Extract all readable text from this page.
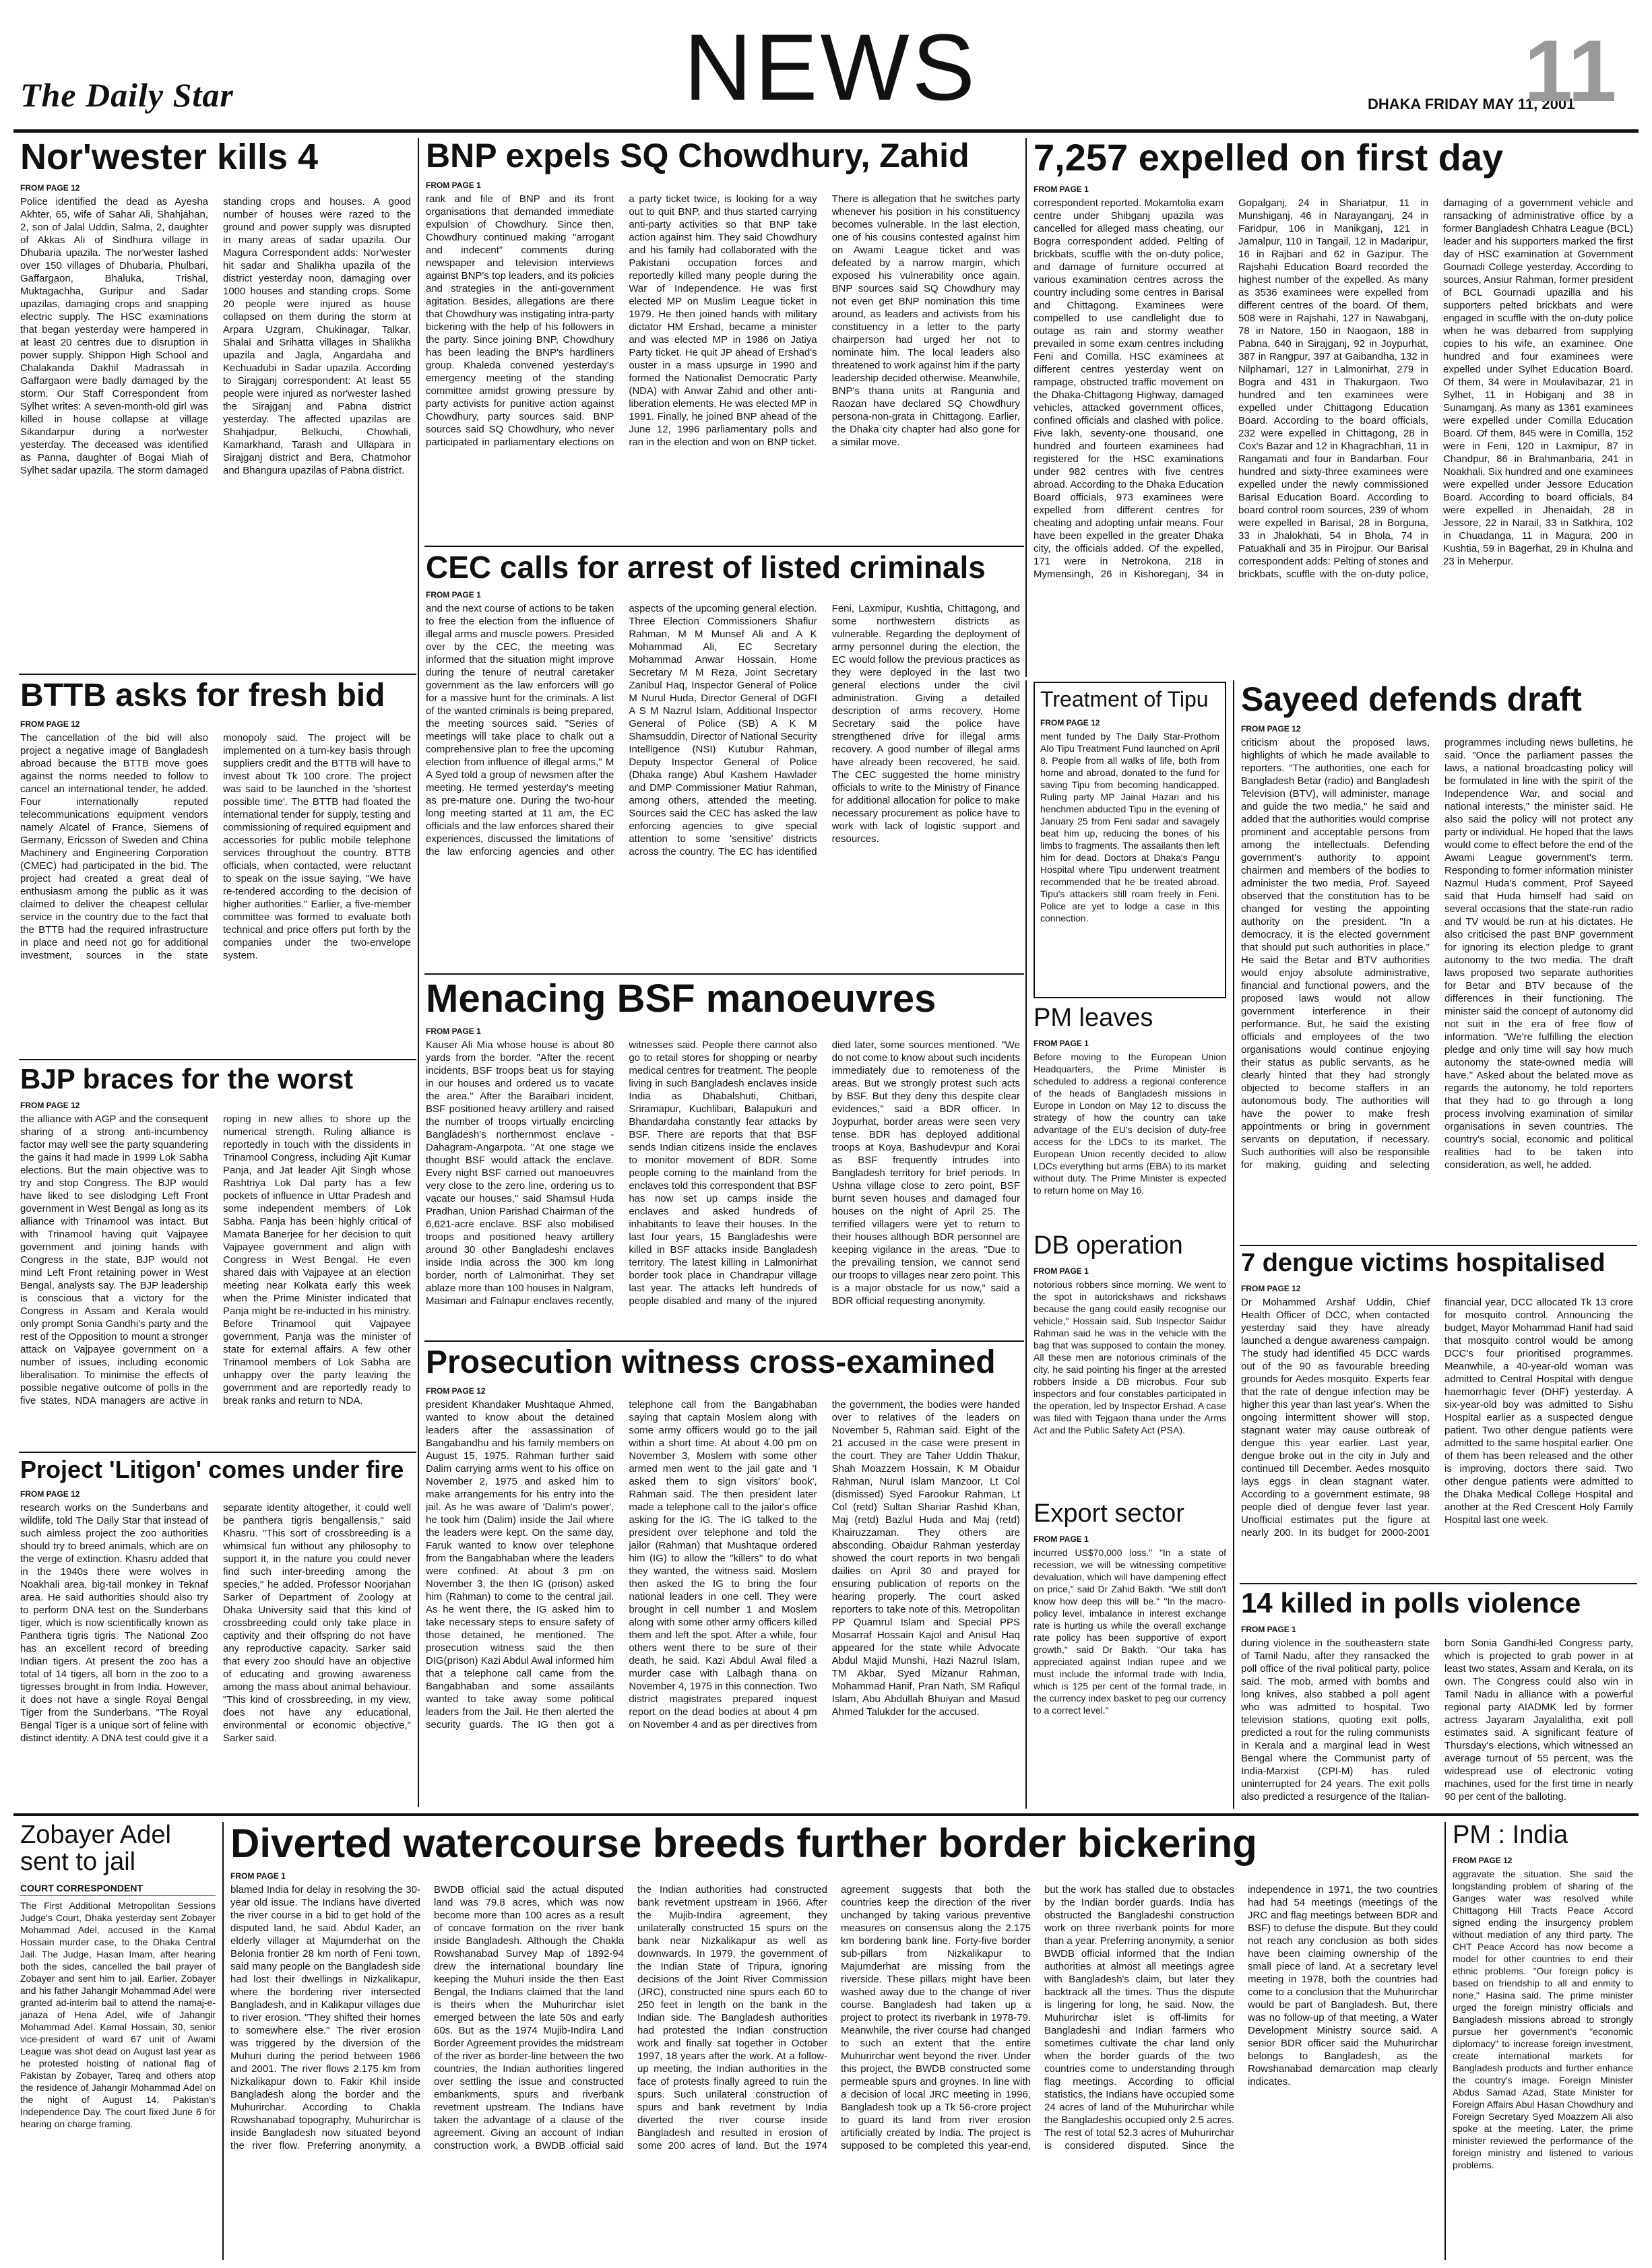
The Daily Star	NEWS	DHAKA FRIDAY MAY 11, 2001
11
Nor'wester kills 4
FROM PAGE 12
Police identified the dead as Ayesha Akhter, 65, wife of Sahar Ali, Shahjahan, 2, son of Jalal Uddin, Salma, 2, daughter of Akkas Ali of Sindhura village in Dhubaria upazila. The nor'wester lashed over 150 villages of Dhubaria, Phulbari, Gaffargaon, Bhaluka, Trishal, Muktagachha, Guripur and Sadar upazilas, damaging crops and snapping electric supply. The HSC examinations that began yesterday were hampered in at least 20 centres due to disruption in power supply. Shippon High School and Chalakanda Dakhil Madrassah in Gaffargaon were badly damaged by the storm. Our Staff Correspondent from Sylhet writes: A seven-month-old girl was killed in house collapse at village Sikandarpur during a nor'wester yesterday. The deceased was identified as Panna, daughter of Bogai Miah of Sylhet sadar upazila. The storm damaged standing crops and houses. A good number of houses were razed to the ground and power supply was disrupted in many areas of sadar upazila. Our Magura Correspondent adds: Nor'wester hit sadar and Shalikha upazila of the district yesterday noon, damaging over 1000 houses and standing crops. Some 20 people were injured as house collapsed on them during the storm at Arpara Uzgram, Chukinagar, Talkar, Shalai and Srihatta villages in Shalikha upazila and Jagla, Angardaha and Kechuadubi in Sadar upazila. According to Sirajganj correspondent: At least 55 people were injured as nor'wester lashed the Sirajganj and Pabna district yesterday. The affected upazilas are Shahjadpur, Belkuchi, Chowhali, Kamarkhand, Tarash and Ullapara in Sirajganj district and Bera, Chatmohor and Bhangura upazilas of Pabna district.
BNP expels SQ Chowdhury, Zahid
FROM PAGE 1
rank and file of BNP and its front organisations that demanded immediate expulsion of Chowdhury. Since then, Chowdhury continued making "arrogant and indecent" comments during newspaper and television interviews against BNP's top leaders, and its policies and strategies in the anti-government agitation. Besides, allegations are there that Chowdhury was instigating intra-party bickering with the help of his followers in the party. Since joining BNP, Chowdhury has been leading the BNP's hardliners group. Khaleda convened yesterday's emergency meeting of the standing committee amidst growing pressure by party activists for punitive action against Chowdhury, party sources said. BNP sources said SQ Chowdhury, who never participated in parliamentary elections on a party ticket twice, is looking for a way out to quit BNP, and thus started carrying anti-party activities so that BNP take action against him. They said Chowdhury and his family had collaborated with the Pakistani occupation forces and reportedly killed many people during the War of Independence. He was first elected MP on Muslim League ticket in 1979. He then joined hands with military dictator HM Ershad, became a minister and was elected MP in 1986 on Jatiya Party ticket. He quit JP ahead of Ershad's ouster in a mass upsurge in 1990 and formed the Nationalist Democratic Party (NDA) with Anwar Zahid and other anti-liberation elements. He was elected MP in 1991. Finally, he joined BNP ahead of the June 12, 1996 parliamentary polls and ran in the election and won on BNP ticket. There is allegation that he switches party whenever his position in his constituency becomes vulnerable. In the last election, one of his cousins contested against him on Awami League ticket and was defeated by a narrow margin, which exposed his vulnerability once again. BNP sources said SQ Chowdhury may not even get BNP nomination this time around, as leaders and activists from his constituency in a letter to the party chairperson had urged her not to nominate him. The local leaders also threatened to work against him if the party leadership decided otherwise. Meanwhile, BNP's thana units at Rangunia and Raozan have declared SQ Chowdhury persona-non-grata in Chittagong. Earlier, the Dhaka city chapter had also gone for a similar move.
7,257 expelled on first day
FROM PAGE 1
correspondent reported. Mokamtolia exam centre under Shibganj upazila was cancelled for alleged mass cheating, our Bogra correspondent added. Pelting of brickbats, scuffle with the on-duty police, and damage of furniture occurred at various examination centres across the country including some centres in Barisal and Chittagong. Examinees were compelled to use candlelight due to outage as rain and stormy weather prevailed in some exam centres including Feni and Comilla. HSC examinees at different centres yesterday went on rampage, obstructed traffic movement on the Dhaka-Chittagong Highway, damaged vehicles, attacked government offices, confined officials and clashed with police. Five lakh, seventy-one thousand, one hundred and fourteen examinees had registered for the HSC examinations under 982 centres with five centres abroad. According to the Dhaka Education Board officials, 973 examinees were expelled from different centres for cheating and adopting unfair means. Four have been expelled in the greater Dhaka city, the officials added. Of the expelled, 171 were in Netrokona, 218 in Mymensingh, 26 in Kishoreganj, 34 in Gopalganj, 24 in Shariatpur, 11 in Munshiganj, 46 in Narayanganj, 24 in Faridpur, 106 in Manikganj, 121 in Jamalpur, 110 in Tangail, 12 in Madaripur, 16 in Rajbari and 62 in Gazipur. The Rajshahi Education Board recorded the highest number of the expelled. As many as 3536 examinees were expelled from different centres of the board. Of them, 508 were in Rajshahi, 127 in Nawabganj, 78 in Natore, 150 in Naogaon, 188 in Pabna, 640 in Sirajganj, 92 in Joypurhat, 387 in Rangpur, 397 at Gaibandha, 132 in Nilphamari, 127 in Lalmonirhat, 279 in Bogra and 431 in Thakurgaon. Two hundred and ten examinees were expelled under Chittagong Education Board. According to the board officials, 232 were expelled in Chittagong, 28 in Cox's Bazar and 12 in Khagrachhari, 11 in Rangamati and four in Bandarban. Four hundred and sixty-three examinees were expelled under the newly commissioned Barisal Education Board. According to board control room sources, 239 of whom were expelled in Barisal, 28 in Borguna, 33 in Jhalokhati, 54 in Bhola, 74 in Patuakhali and 35 in Pirojpur. Our Barisal correspondent adds: Pelting of stones and brickbats, scuffle with the on-duty police, damaging of a government vehicle and ransacking of administrative office by a former Bangladesh Chhatra League (BCL) leader and his supporters marked the first day of HSC examination at Government Gournadi College yesterday. According to sources, Ansiur Rahman, former president of BCL Gournadi upazilla and his supporters pelted brickbats and were engaged in scuffle with the on-duty police when he was debarred from supplying copies to his wife, an examinee. One hundred and four examinees were expelled under Sylhet Education Board. Of them, 34 were in Moulavibazar, 21 in Sylhet, 11 in Hobiganj and 38 in Sunamganj. As many as 1361 examinees were expelled under Comilla Education Board. Of them, 845 were in Comilla, 152 were in Feni, 120 in Laxmipur, 87 in Chandpur, 86 in Brahmanbaria, 241 in Noakhali. Six hundred and one examinees were expelled under Jessore Education Board. According to board officials, 84 were expelled in Jhenaidah, 28 in Jessore, 22 in Narail, 33 in Satkhira, 102 in Chuadanga, 11 in Magura, 200 in Kushtia, 59 in Bagerhat, 29 in Khulna and 23 in Meherpur.
CEC calls for arrest of listed criminals
FROM PAGE 1
and the next course of actions to be taken to free the election from the influence of illegal arms and muscle powers. Presided over by the CEC, the meeting was informed that the situation might improve during the tenure of neutral caretaker government as the law enforcers will go for a massive hunt for the criminals. A list of the wanted criminals is being prepared, the meeting sources said. "Series of meetings will take place to chalk out a comprehensive plan to free the upcoming election from influence of illegal arms," M A Syed told a group of newsmen after the meeting. He termed yesterday's meeting as pre-mature one. During the two-hour long meeting started at 11 am, the EC officials and the law enforces shared their experiences, discussed the limitations of the law enforcing agencies and other aspects of the upcoming general election. Three Election Commissioners Shafiur Rahman, M M Munsef Ali and A K Mohammad Ali, EC Secretary Mohammad Anwar Hossain, Home Secretary M M Reza, Joint Secretary Zanibul Haq, Inspector General of Police M Nurul Huda, Director General of DGFI A S M Nazrul Islam, Additional Inspector General of Police (SB) A K M Shamsuddin, Director of National Security Intelligence (NSI) Kutubur Rahman, Deputy Inspector General of Police (Dhaka range) Abul Kashem Hawlader and DMP Commissioner Matiur Rahman, among others, attended the meeting. Sources said the CEC has asked the law enforcing agencies to give special attention to some 'sensitive' districts across the country. The EC has identified Feni, Laxmipur, Kushtia, Chittagong, and some northwestern districts as vulnerable. Regarding the deployment of army personnel during the election, the EC would follow the previous practices as they were deployed in the last two general elections under the civil administration. Giving a detailed description of arms recovery, Home Secretary said the police have strengthened drive for illegal arms recovery. A good number of illegal arms have already been recovered, he said. The CEC suggested the home ministry officials to write to the Ministry of Finance for additional allocation for police to make necessary procurement as police have to work with lack of logistic support and resources.
BTTB asks for fresh bid
FROM PAGE 12
The cancellation of the bid will also project a negative image of Bangladesh abroad because the BTTB move goes against the norms needed to follow to cancel an international tender, he added. Four internationally reputed telecommunications equipment vendors namely Alcatel of France, Siemens of Germany, Ericsson of Sweden and China Machinery and Engineering Corporation (CMEC) had participated in the bid. The project had created a great deal of enthusiasm among the public as it was claimed to deliver the cheapest cellular service in the country due to the fact that the BTTB had the required infrastructure in place and need not go for additional investment, sources in the state monopoly said. The project will be implemented on a turn-key basis through suppliers credit and the BTTB will have to invest about Tk 100 crore. The project was said to be launched in the 'shortest possible time'. The BTTB had floated the international tender for supply, testing and commissioning of required equipment and accessories for public mobile telephone services throughout the country. BTTB officials, when contacted, were reluctant to speak on the issue saying, "We have re-tendered according to the decision of higher authorities." Earlier, a five-member committee was formed to evaluate both technical and price offers put forth by the companies under the two-envelope system.
BJP braces for the worst
FROM PAGE 12
the alliance with AGP and the consequent sharing of a strong anti-incumbency factor may well see the party squandering the gains it had made in 1999 Lok Sabha elections. But the main objective was to try and stop Congress. The BJP would have liked to see dislodging Left Front government in West Bengal as long as its alliance with Trinamool was intact. But with Trinamool having quit Vajpayee government and joining hands with Congress in the state, BJP would not mind Left Front retaining power in West Bengal, analysts say. The BJP leadership is conscious that a victory for the Congress in Assam and Kerala would only prompt Sonia Gandhi's party and the rest of the Opposition to mount a stronger attack on Vajpayee government on a number of issues, including economic liberalisation. To minimise the effects of possible negative outcome of polls in the five states, NDA managers are active in roping in new allies to shore up the numerical strength. Ruling alliance is reportedly in touch with the dissidents in Trinamool Congress, including Ajit Kumar Panja, and Jat leader Ajit Singh whose Rashtriya Lok Dal party has a few pockets of influence in Uttar Pradesh and some independent members of Lok Sabha. Panja has been highly critical of Mamata Banerjee for her decision to quit Vajpayee government and align with Congress in West Bengal. He even shared dais with Vajpayee at an election meeting near Kolkata early this week when the Prime Minister indicated that Panja might be re-inducted in his ministry. Before Trinamool quit Vajpayee government, Panja was the minister of state for external affairs. A few other Trinamool members of Lok Sabha are unhappy over the party leaving the government and are reportedly ready to break ranks and return to NDA.
Project 'Litigon' comes under fire
FROM PAGE 12
research works on the Sunderbans and wildlife, told The Daily Star that instead of such aimless project the zoo authorities should try to breed animals, which are on the verge of extinction. Khasru added that in the 1940s there were wolves in Noakhali area, big-tail monkey in Teknaf area. He said authorities should also try to perform DNA test on the Sunderbans tiger, which is now scientifically known as Panthera tigris tigris. The National Zoo has an excellent record of breeding Indian tigers. At present the zoo has a total of 14 tigers, all born in the zoo to a tigresses brought in from India. However, it does not have a single Royal Bengal Tiger from the Sunderbans. "The Royal Bengal Tiger is a unique sort of feline with distinct identity. A DNA test could give it a separate identity altogether, it could well be panthera tigris bengallensis," said Khasru. "This sort of crossbreeding is a whimsical fun without any philosophy to support it, in the nature you could never find such inter-breeding among the species," he added. Professor Noorjahan Sarker of Department of Zoology at Dhaka University said that this kind of crossbreeding could only take place in captivity and their offspring do not have any reproductive capacity. Sarker said that every zoo should have an objective of educating and growing awareness among the mass about animal behaviour. "This kind of crossbreeding, in my view, does not have any educational, environmental or economic objective," Sarker said.
Menacing BSF manoeuvres
FROM PAGE 1
Kauser Ali Mia whose house is about 80 yards from the border. "After the recent incidents, BSF troops beat us for staying in our houses and ordered us to vacate the area." After the Baraibari incident, BSF positioned heavy artillery and raised the number of troops virtually encircling Bangladesh's northernmost enclave - Dahagram-Angarpota. "At one stage we thought BSF would attack the enclave. Every night BSF carried out manoeuvres very close to the zero line, ordering us to vacate our houses," said Shamsul Huda Pradhan, Union Parishad Chairman of the 6,621-acre enclave. BSF also mobilised troops and positioned heavy artillery around 30 other Bangladeshi enclaves inside India across the 300 km long border, north of Lalmonirhat. They set ablaze more than 100 houses in Nalgram, Masimari and Falnapur enclaves recently, witnesses said. People there cannot also go to retail stores for shopping or nearby medical centres for treatment. The people living in such Bangladesh enclaves inside India as Dhabalshuti, Chitbari, Sriramapur, Kuchlibari, Balapukuri and Bhandardaha constantly fear attacks by BSF. There are reports that that BSF sends Indian citizens inside the enclaves to monitor movement of BDR. Some people coming to the mainland from the enclaves told this correspondent that BSF has now set up camps inside the enclaves and asked hundreds of inhabitants to leave their houses. In the last four years, 15 Bangladeshis were killed in BSF attacks inside Bangladesh territory. The latest killing in Lalmonirhat border took place in Chandrapur village last year. The attacks left hundreds of people disabled and many of the injured died later, some sources mentioned. "We do not come to know about such incidents immediately due to remoteness of the areas. But we strongly protest such acts by BSF. But they deny this despite clear evidences," said a BDR officer. In Joypurhat, border areas were seen very tense. BDR has deployed additional troops at Koya, Bashudevpur and Korai as BSF frequently intrudes into Bangladesh territory for brief periods. In Ushna village close to zero point, BSF burnt seven houses and damaged four houses on the night of April 25. The terrified villagers were yet to return to their houses although BDR personnel are keeping vigilance in the areas. "Due to the prevailing tension, we cannot send our troops to villages near zero point. This is a major obstacle for us now," said a BDR official requesting anonymity.
Prosecution witness cross-examined
FROM PAGE 12
president Khandaker Mushtaque Ahmed, wanted to know about the detained leaders after the assassination of Bangabandhu and his family members on August 15, 1975. Rahman further said Dalim carrying arms went to his office on November 2, 1975 and asked him to make arrangements for his entry into the jail. As he was aware of 'Dalim's power', he took him (Dalim) inside the Jail where the leaders were kept. On the same day, Faruk wanted to know over telephone from the Bangabhaban where the leaders were confined. At about 3 pm on November 3, the then IG (prison) asked him (Rahman) to come to the central jail. As he went there, the IG asked him to take necessary steps to ensure safety of those detained, he mentioned. The prosecution witness said the then DIG(prison) Kazi Abdul Awal informed him that a telephone call came from the Bangabhaban and some assailants wanted to take away some political leaders from the Jail. He then alerted the security guards. The IG then got a telephone call from the Bangabhaban saying that captain Moslem along with some army officers would go to the jail within a short time. At about 4.00 pm on November 3, Moslem with some other armed men went to the jail gate and 'I asked them to sign visitors' book', Rahman said. The then president later made a telephone call to the jailor's office asking for the IG. The IG talked to the president over telephone and told the jailor (Rahman) that Mushtaque ordered him (IG) to allow the "killers" to do what they wanted, the witness said. Moslem then asked the IG to bring the four national leaders in one cell. They were brought in cell number 1 and Moslem along with some other army officers killed them and left the spot. After a while, four others went there to be sure of their death, he said. Kazi Abdul Awal filed a murder case with Lalbagh thana on November 4, 1975 in this connection. Two district magistrates prepared inquest report on the dead bodies at about 4 pm on November 4 and as per directives from the government, the bodies were handed over to relatives of the leaders on November 5, Rahman said. Eight of the 21 accused in the case were present in the court. They are Taher Uddin Thakur, Shah Moazzem Hossain, K M Obaidur Rahman, Nurul Islam Manzoor, Lt Col (dismissed) Syed Farookur Rahman, Lt Col (retd) Sultan Shariar Rashid Khan, Maj (retd) Bazlul Huda and Maj (retd) Khairuzzaman. They others are absconding. Obaidur Rahman yesterday showed the court reports in two bengali dailies on April 30 and prayed for ensuring publication of reports on the hearing properly. The court asked reporters to take note of this. Metropolitan PP Quamrul Islam and Special PPS Mosarraf Hossain Kajol and Anisul Haq appeared for the state while Advocate Abdul Majid Munshi, Hazi Nazrul Islam, TM Akbar, Syed Mizanur Rahman, Mohammad Hanif, Pran Nath, SM Rafiqul Islam, Abu Abdullah Bhuiyan and Masud Ahmed Talukder for the accused.
Treatment of Tipu
FROM PAGE 12
ment funded by The Daily Star-Prothom Alo Tipu Treatment Fund launched on April 8. People from all walks of life, both from home and abroad, donated to the fund for saving Tipu from becoming handicapped. Ruling party MP Jainal Hazari and his henchmen abducted Tipu in the evening of January 25 from Feni sadar and savagely beat him up, reducing the bones of his limbs to fragments. The assailants then left him for dead. Doctors at Dhaka's Pangu Hospital where Tipu underwent treatment recommended that he be treated abroad. Tipu's attackers still roam freely in Feni. Police are yet to lodge a case in this connection.
PM leaves
FROM PAGE 1
Before moving to the European Union Headquarters, the Prime Minister is scheduled to address a regional conference of the heads of Bangladesh missions in Europe in London on May 12 to discuss the strategy of how the country can take advantage of the EU's decision of duty-free access for the LDCs to its market. The European Union recently decided to allow LDCs everything but arms (EBA) to its market without duty. The Prime Minister is expected to return home on May 16.
DB operation
FROM PAGE 1
notorious robbers since morning. We went to the spot in autorickshaws and rickshaws because the gang could easily recognise our vehicle," Hossain said. Sub Inspector Saidur Rahman said he was in the vehicle with the bag that was supposed to contain the money. All these men are notorious criminals of the city, he said pointing his finger at the arrested robbers inside a DB microbus. Four sub inspectors and four constables participated in the operation, led by Inspector Ershad. A case was filed with Tejgaon thana under the Arms Act and the Public Safety Act (PSA).
Export sector
FROM PAGE 1
incurred US$70,000 loss." "In a state of recession, we will be witnessing competitive devaluation, which will have dampening effect on price," said Dr Zahid Bakth. "We still don't know how deep this will be." "In the macro-policy level, imbalance in interest exchange rate is hurting us while the overall exchange rate policy has been supportive of export growth," said Dr Bakth. "Our taka has appreciated against Indian rupee and we must include the informal trade with India, which is 125 per cent of the formal trade, in the currency index basket to peg our currency to a correct level."
Sayeed defends draft
FROM PAGE 12
criticism about the proposed laws, highlights of which he made available to reporters. "The authorities, one each for Bangladesh Betar (radio) and Bangladesh Television (BTV), will administer, manage and guide the two media," he said and added that the authorities would comprise prominent and acceptable persons from among the intellectuals. Defending government's authority to appoint chairmen and members of the bodies to administer the two media, Prof. Sayeed observed that the constitution has to be changed for vesting the appointing authority on the president. "In a democracy, it is the elected government that should put such authorities in place." He said the Betar and BTV authorities would enjoy absolute administrative, financial and functional powers, and the proposed laws would not allow government interference in their performance. But, he said the existing officials and employees of the two organisations would continue enjoying their status as public servants, as he clearly hinted that they had strongly objected to become staffers in an autonomous body. The authorities will have the power to make fresh appointments or bring in government servants on deputation, if necessary. Such authorities will also be responsible for making, guiding and selecting programmes including news bulletins, he said. "Once the parliament passes the laws, a national broadcasting policy will be formulated in line with the spirit of the Independence War, and social and national interests," the minister said. He also said the policy will not protect any party or individual. He hoped that the laws would come to effect before the end of the Awami League government's term. Responding to former information minister Nazmul Huda's comment, Prof Sayeed said that Huda himself had said on several occasions that the state-run radio and TV would be run at his dictates. He also criticised the past BNP government for ignoring its election pledge to grant autonomy to the two media. The draft laws proposed two separate authorities for Betar and BTV because of the differences in their functioning. The minister said the concept of autonomy did not suit in the era of free flow of information. "We're fulfilling the election pledge and only time will say how much autonomy the state-owned media will have." Asked about the belated move as regards the autonomy, he told reporters that they had to go through a long process involving examination of similar organisations in seven countries. The country's social, economic and political realities had to be taken into consideration, as well, he added.
7 dengue victims hospitalised
FROM PAGE 12
Dr Mohammed Arshaf Uddin, Chief Health Officer of DCC, when contacted yesterday said they have already launched a dengue awareness campaign. The study had identified 45 DCC wards out of the 90 as favourable breeding grounds for Aedes mosquito. Experts fear that the rate of dengue infection may be higher this year than last year's. When the ongoing intermittent shower will stop, stagnant water may cause outbreak of dengue this year earlier. Last year, dengue broke out in the city in July and continued till December. Aedes mosquito lays eggs in clean stagnant water. According to a government estimate, 98 people died of dengue fever last year. Unofficial estimates put the figure at nearly 200. In its budget for 2000-2001 financial year, DCC allocated Tk 13 crore for mosquito control. Announcing the budget, Mayor Mohammad Hanif had said that mosquito control would be among DCC's four prioritised programmes. Meanwhile, a 40-year-old woman was admitted to Central Hospital with dengue haemorrhagic fever (DHF) yesterday. A six-year-old boy was admitted to Sishu Hospital earlier as a suspected dengue patient. Two other dengue patients were admitted to the same hospital earlier. One of them has been released and the other is improving, doctors there said. Two other dengue patients were admitted to the Dhaka Medical College Hospital and another at the Red Crescent Holy Family Hospital last one week.
14 killed in polls violence
FROM PAGE 1
during violence in the southeastern state of Tamil Nadu, after they ransacked the poll office of the rival political party, police said. The mob, armed with bombs and long knives, also stabbed a poll agent who was admitted to hospital. Two television stations, quoting exit polls, predicted a rout for the ruling communists in Kerala and a marginal lead in West Bengal where the Communist party of India-Marxist (CPI-M) has ruled uninterrupted for 24 years. The exit polls also predicted a resurgence of the Italian-born Sonia Gandhi-led Congress party, which is projected to grab power in at least two states, Assam and Kerala, on its own. The Congress could also win in Tamil Nadu in alliance with a powerful regional party AIADMK led by former actress Jayaram Jayalalitha, exit poll estimates said. A significant feature of Thursday's elections, which witnessed an average turnout of 55 percent, was the widespread use of electronic voting machines, used for the first time in nearly 90 per cent of the balloting.
Zobayer Adel sent to jail
COURT CORRESPONDENT
The First Additional Metropolitan Sessions Judge's Court, Dhaka yesterday sent Zobayer Mohammad Adel, accused in the Kamal Hossain murder case, to the Dhaka Central Jail. The Judge, Hasan Imam, after hearing both the sides, cancelled the bail prayer of Zobayer and sent him to jail. Earlier, Zobayer and his father Jahangir Mohammad Adel were granted ad-interim bail to attend the namaj-e-janaza of Hena Adel, wife of Jahangir Mohammad Adel. Kamal Hossain, 30, senior vice-president of ward 67 unit of Awami League was shot dead on August last year as he protested hoisting of national flag of Pakistan by Zobayer, Tareq and others atop the residence of Jahangir Mohammad Adel on the night of August 14, Pakistan's Independence Day. The court fixed June 6 for hearing on charge framing.
Diverted watercourse breeds further border bickering
FROM PAGE 1
blamed India for delay in resolving the 30-year old issue. The Indians have diverted the river course in a bid to get hold of the disputed land, he said. Abdul Kader, an elderly villager at Majumderhat on the Belonia frontier 28 km north of Feni town, said many people on the Bangladesh side had lost their dwellings in Nizkalikapur, where the bordering river intersected Bangladesh, and in Kalikapur villages due to river erosion. "They shifted their homes to somewhere else." The river erosion was triggered by the diversion of the Muhuri during the period between 1966 and 2001. The river flows 2.175 km from Nizkalikapur down to Fakir Khil inside Bangladesh along the border and the Muhurirchar. According to Chakla Rowshanabad topography, Muhurirchar is inside Bangladesh now situated beyond the river flow. Preferring anonymity, a BWDB official said the actual disputed land was 79.8 acres, which was now become more than 100 acres as a result of concave formation on the river bank inside Bangladesh. Although the Chakla Rowshanabad Survey Map of 1892-94 drew the international boundary line keeping the Muhuri inside the then East Bengal, the Indians claimed that the land is theirs when the Muhurirchar islet emerged between the late 50s and early 60s. But as the 1974 Mujib-Indira Land Border Agreement provides the midstream of the river as border-line between the two countries, the Indian authorities lingered over settling the issue and constructed embankments, spurs and riverbank revetment upstream. The Indians have taken the advantage of a clause of the agreement. Giving an account of Indian construction work, a BWDB official said the Indian authorities had constructed bank revetment upstream in 1966. After the Mujib-Indira agreement, they unilaterally constructed 15 spurs on the bank near Nizkalikapur as well as downwards. In 1979, the government of the Indian State of Tripura, ignoring decisions of the Joint River Commission (JRC), constructed nine spurs each 60 to 250 feet in length on the bank in the Indian side. The Bangladesh authorities had protested the Indian construction work and finally sat together in October 1997, 18 years after the work. At a follow-up meeting, the Indian authorities in the face of protests finally agreed to ruin the spurs. Such unilateral construction of spurs and bank revetment by India diverted the river course inside Bangladesh and resulted in erosion of some 200 acres of land. But the 1974 agreement suggests that both the countries keep the direction of the river unchanged by taking various preventive measures on consensus along the 2.175 km bordering bank line. Forty-five border sub-pillars from Nizkalikapur to Majumderhat are missing from the riverside. These pillars might have been washed away due to the change of river course. Bangladesh had taken up a project to protect its riverbank in 1978-79. Meanwhile, the river course had changed to such an extent that the entire Muhurirchar went beyond the river. Under this project, the BWDB constructed some permeable spurs and groynes. In line with a decision of local JRC meeting in 1996, Bangladesh took up a Tk 56-crore project to guard its land from river erosion artificially created by India. The project is supposed to be completed this year-end, but the work has stalled due to obstacles by the Indian border guards. India has obstructed the Bangladeshi construction work on three riverbank points for more than a year. Preferring anonymity, a senior BWDB official informed that the Indian authorities at almost all meetings agree with Bangladesh's claim, but later they backtrack all the times. Thus the dispute is lingering for long, he said. Now, the Muhurirchar islet is off-limits for Bangladeshi and Indian farmers who sometimes cultivate the char land only when the border guards of the two countries come to understanding through flag meetings. According to official statistics, the Indians have occupied some 24 acres of land of the Muhurirchar while the Bangladeshis occupied only 2.5 acres. The rest of total 52.3 acres of Muhurirchar is considered disputed. Since the independence in 1971, the two countries had had 54 meetings (meetings of the JRC and flag meetings between BDR and BSF) to defuse the dispute. But they could not reach any conclusion as both sides have been claiming ownership of the small piece of land. At a secretary level meeting in 1978, both the countries had come to a conclusion that the Muhurirchar would be part of Bangladesh. But, there was no follow-up of that meeting, a Water Development Ministry source said. A senior BDR officer said the Muhurirchar belongs to Bangladesh, as the Rowshanabad demarcation map clearly indicates.
PM : India
FROM PAGE 12
aggravate the situation. She said the longstanding problem of sharing of the Ganges water was resolved while Chittagong Hill Tracts Peace Accord signed ending the insurgency problem without mediation of any third party. The CHT Peace Accord has now become a model for other countries to end their ethnic problems. "Our foreign policy is based on friendship to all and enmity to none," Hasina said. The prime minister urged the foreign ministry officials and Bangladesh missions abroad to strongly pursue her government's "economic diplomacy" to increase foreign investment, create international markets for Bangladesh products and further enhance the country's image. Foreign Minister Abdus Samad Azad, State Minister for Foreign Affairs Abul Hasan Chowdhury and Foreign Secretary Syed Moazzem Ali also spoke at the meeting. Later, the prime minister reviewed the performance of the foreign ministry and listened to various problems.
